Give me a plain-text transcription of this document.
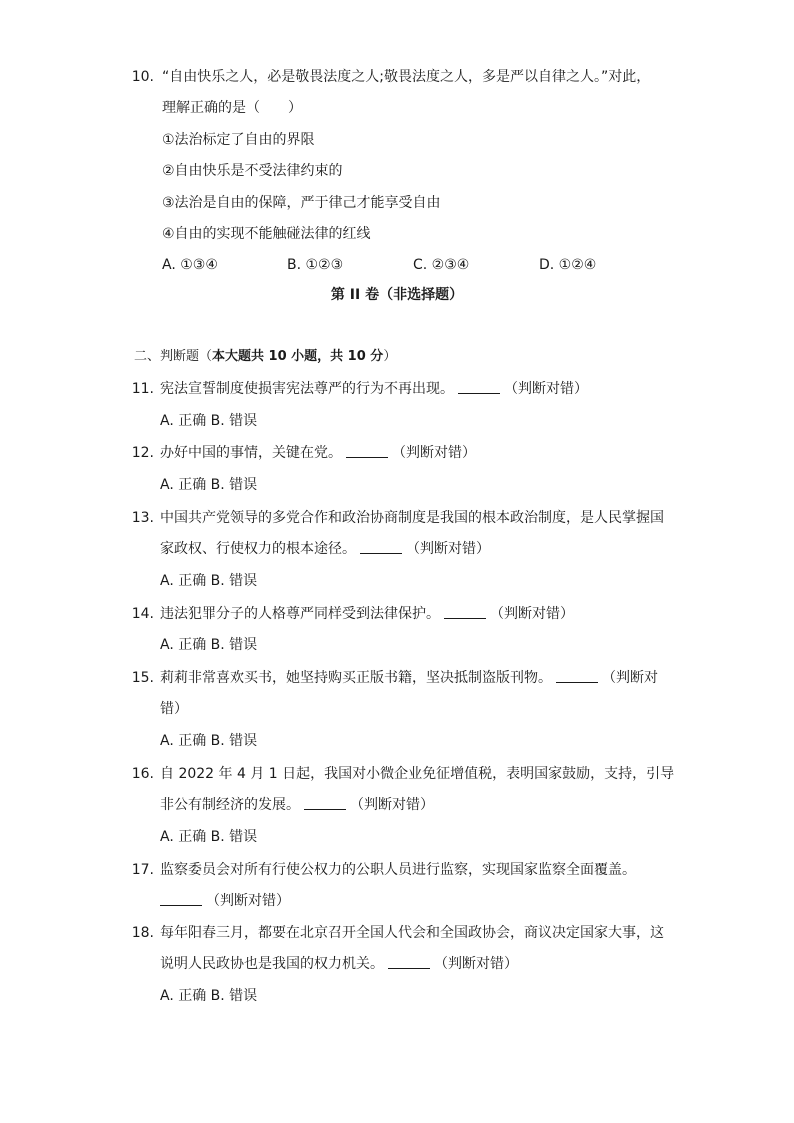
10. “自由快乐之人，必是敬畏法度之人;敬畏法度之人，多是严以自律之人。”对此，
理解正确的是（　　）
①法治标定了自由的界限
②自由快乐是不受法律约束的
③法治是自由的保障，严于律己才能享受自由
④自由的实现不能触碰法律的红线
A. ①③④	B. ①②③	C. ②③④	D. ①②④
第 II 卷（非选择题）
二、判断题（本大题共 10 小题，共 10 分）
11. 宪法宣誓制度使损害宪法尊严的行为不再出现。	（判断对错）
A. 正确 B. 错误
12. 办好中国的事情，关键在党。	（判断对错）
A. 正确 B. 错误
13. 中国共产党领导的多党合作和政治协商制度是我国的根本政治制度，是人民掌握国
家政权、行使权力的根本途径。	（判断对错）
A. 正确 B. 错误
14. 违法犯罪分子的人格尊严同样受到法律保护。	（判断对错）
A. 正确 B. 错误
15. 莉莉非常喜欢买书，她坚持购买正版书籍，坚决抵制盗版刊物。	（判断对
错）
A. 正确 B. 错误
16. 自 2022 年 4 月 1 日起，我国对小微企业免征增值税，表明国家鼓励，支持，引导
非公有制经济的发展。	（判断对错）
A. 正确 B. 错误
17. 监察委员会对所有行使公权力的公职人员进行监察，实现国家监察全面覆盖。
（判断对错）
18. 每年阳春三月，都要在北京召开全国人代会和全国政协会，商议决定国家大事，这
说明人民政协也是我国的权力机关。	（判断对错）
A. 正确 B. 错误
